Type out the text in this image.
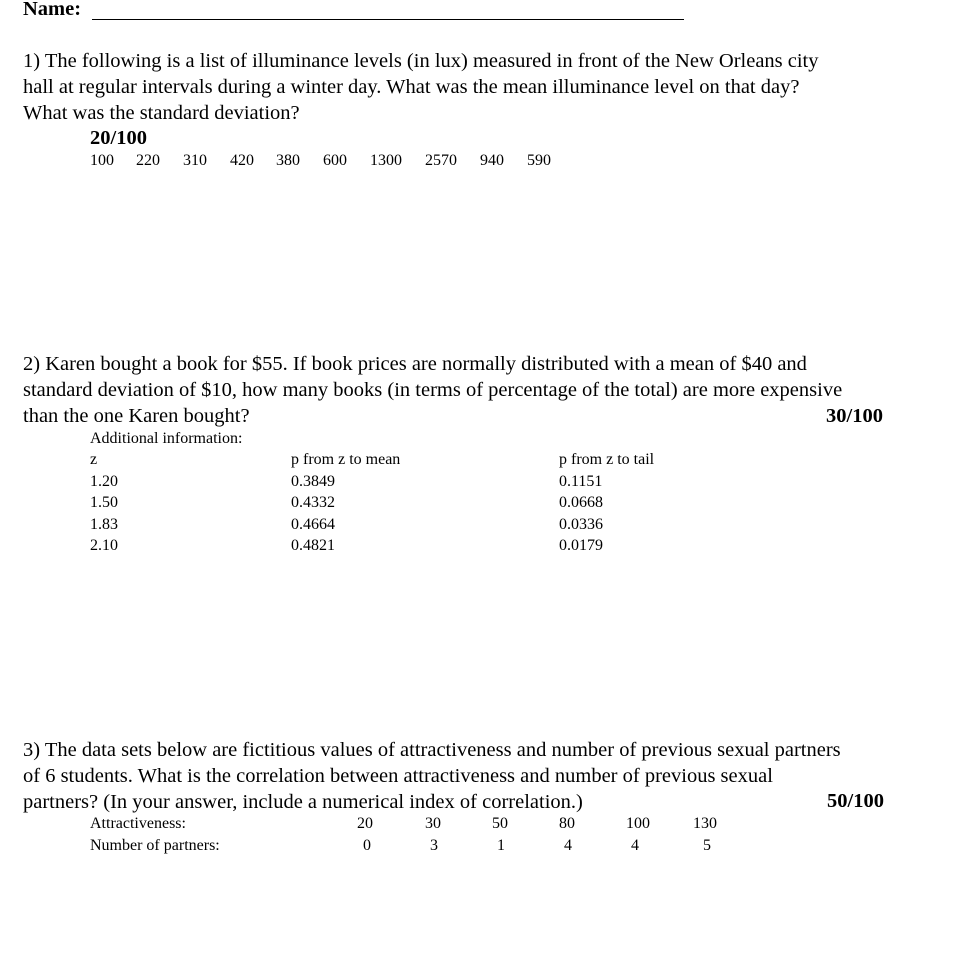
Name:
1) The following is a list of illuminance levels (in lux) measured in front of the New Orleans city
hall at regular intervals during a winter day. What was the mean illuminance level on that day?
What was the standard deviation?
20/100
100 220 310 420 380 600 1300 2570 940 590
2) Karen bought a book for $55. If book prices are normally distributed with a mean of $40 and
standard deviation of $10, how many books (in terms of percentage of the total) are more expensive
than the one Karen bought?	30/100
Additional information:
z	p from z to mean	p from z to tail
1.20	0.3849	0.1151
1.50	0.4332	0.0668
1.83	0.4664	0.0336
2.10	0.4821	0.0179
3) The data sets below are fictitious values of attractiveness and number of previous sexual partners
of 6 students. What is the correlation between attractiveness and number of previous sexual
partners? (In your answer, include a numerical index of correlation.)	50/100
Attractiveness:	20	30	50	80	100	130
Number of partners:	0	3	1	4	4	5
